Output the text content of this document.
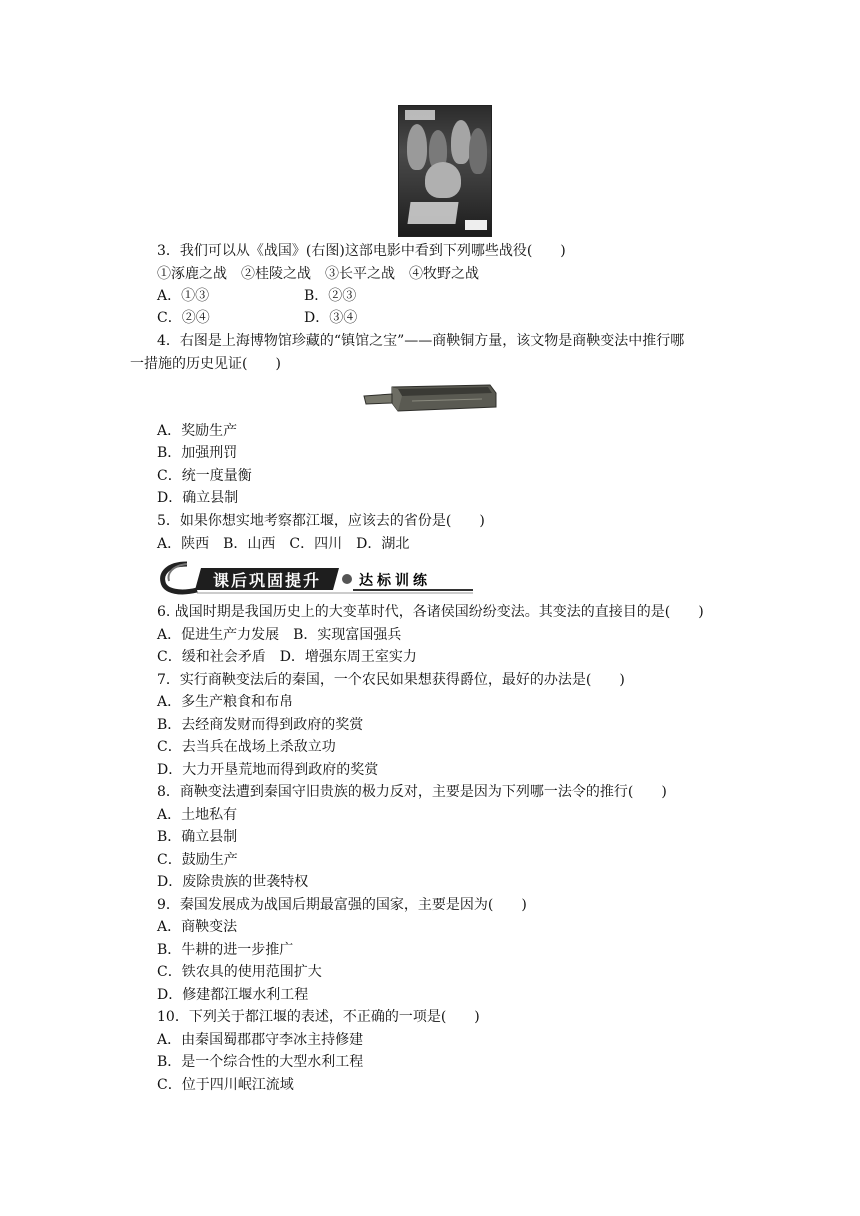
3．我们可以从《战国》(右图)这部电影中看到下列哪些战役(　　)
①涿鹿之战　②桂陵之战　③长平之战　④牧野之战
A．①③	B．②③
C．②④	D．③④
4．右图是上海博物馆珍藏的“镇馆之宝”——商鞅铜方量，该文物是商鞅变法中推行哪
一措施的历史见证(　　)
A．奖励生产
B．加强刑罚
C．统一度量衡
D．确立县制
5．如果你想实地考察都江堰，应该去的省份是(　　)
A．陕西　B．山西　C．四川　D．湖北
课后巩固提升	达标训练
6. 战国时期是我国历史上的大变革时代，各诸侯国纷纷变法。其变法的直接目的是(　　)
A．促进生产力发展　B．实现富国强兵
C．缓和社会矛盾　D．增强东周王室实力
7．实行商鞅变法后的秦国，一个农民如果想获得爵位，最好的办法是(　　)
A．多生产粮食和布帛
B．去经商发财而得到政府的奖赏
C．去当兵在战场上杀敌立功
D．大力开垦荒地而得到政府的奖赏
8．商鞅变法遭到秦国守旧贵族的极力反对，主要是因为下列哪一法令的推行(　　)
A．土地私有
B．确立县制
C．鼓励生产
D．废除贵族的世袭特权
9．秦国发展成为战国后期最富强的国家，主要是因为(　　)
A．商鞅变法
B．牛耕的进一步推广
C．铁农具的使用范围扩大
D．修建都江堰水利工程
10．下列关于都江堰的表述，不正确的一项是(　　)
A．由秦国蜀郡郡守李冰主持修建
B．是一个综合性的大型水利工程
C．位于四川岷江流域
